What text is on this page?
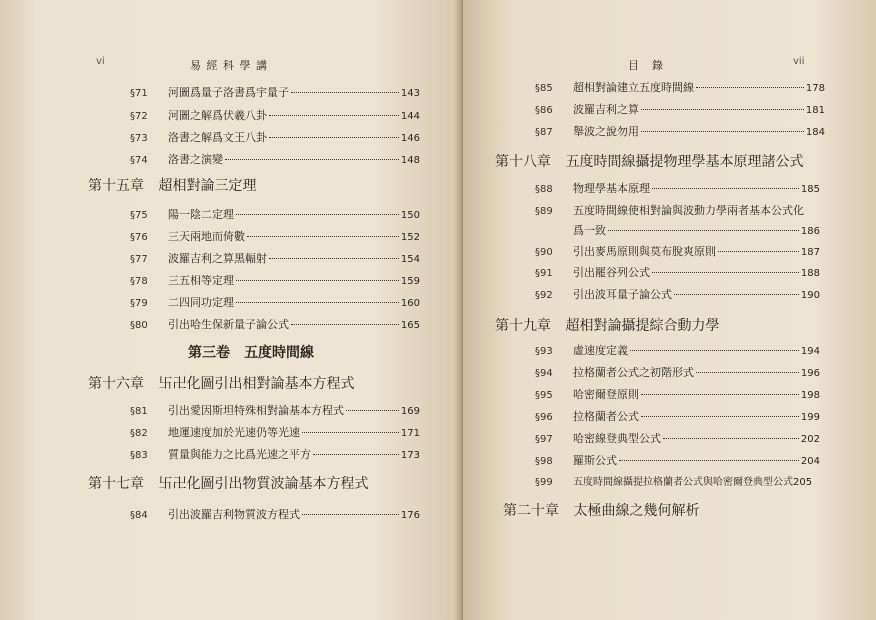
vi	易 經 科 學 講
§71	河圖爲量子洛書爲宇量子	143
§72	河圖之解爲伏羲八卦	144
§73	洛書之解爲文王八卦	146
§74	洛書之演變	148
第十五章 超相對論三定理
§75	陽一陰二定理	150
§76	三天兩地而倚數	152
§77	波羅吉利之算黑輻射	154
§78	三五相等定理	159
§79	二四同功定理	160
§80	引出哈生保新量子論公式	165
第三卷　五度時間線
第十六章 卐卍化圖引出相對論基本方程式
§81	引出愛因斯坦特殊相對論基本方程式	169
§82	地運速度加於光速仍等光速	171
§83	質量與能力之比爲光速之平方	173
第十七章 卐卍化圖引出物質波論基本方程式
§84	引出波羅吉利物質波方程式	176
目　錄	vii
§85	超相對論建立五度時間線	178
§86	波羅吉利之算	181
§87	舉波之說勿用	184
第十八章 五度時間線攝提物理學基本原理諸公式
§88	物理學基本原理	185
§89	五度時間線使相對論與波動力學兩者基本公式化
爲一致	186
§90	引出麥馬原則與莫布脫爽原則	187
§91	引出罷谷列公式	188
§92	引出波耳量子論公式	190
第十九章 超相對論攝提綜合動力學
§93	虛速度定義	194
§94	拉格蘭者公式之初階形式	196
§95	哈密爾登原則	198
§96	拉格蘭者公式	199
§97	哈密線登典型公式	202
§98	羅斯公式	204
§99	五度時間線攝提拉格蘭者公式與哈密爾登典型公式 205
第二十章 太極曲線之幾何解析
